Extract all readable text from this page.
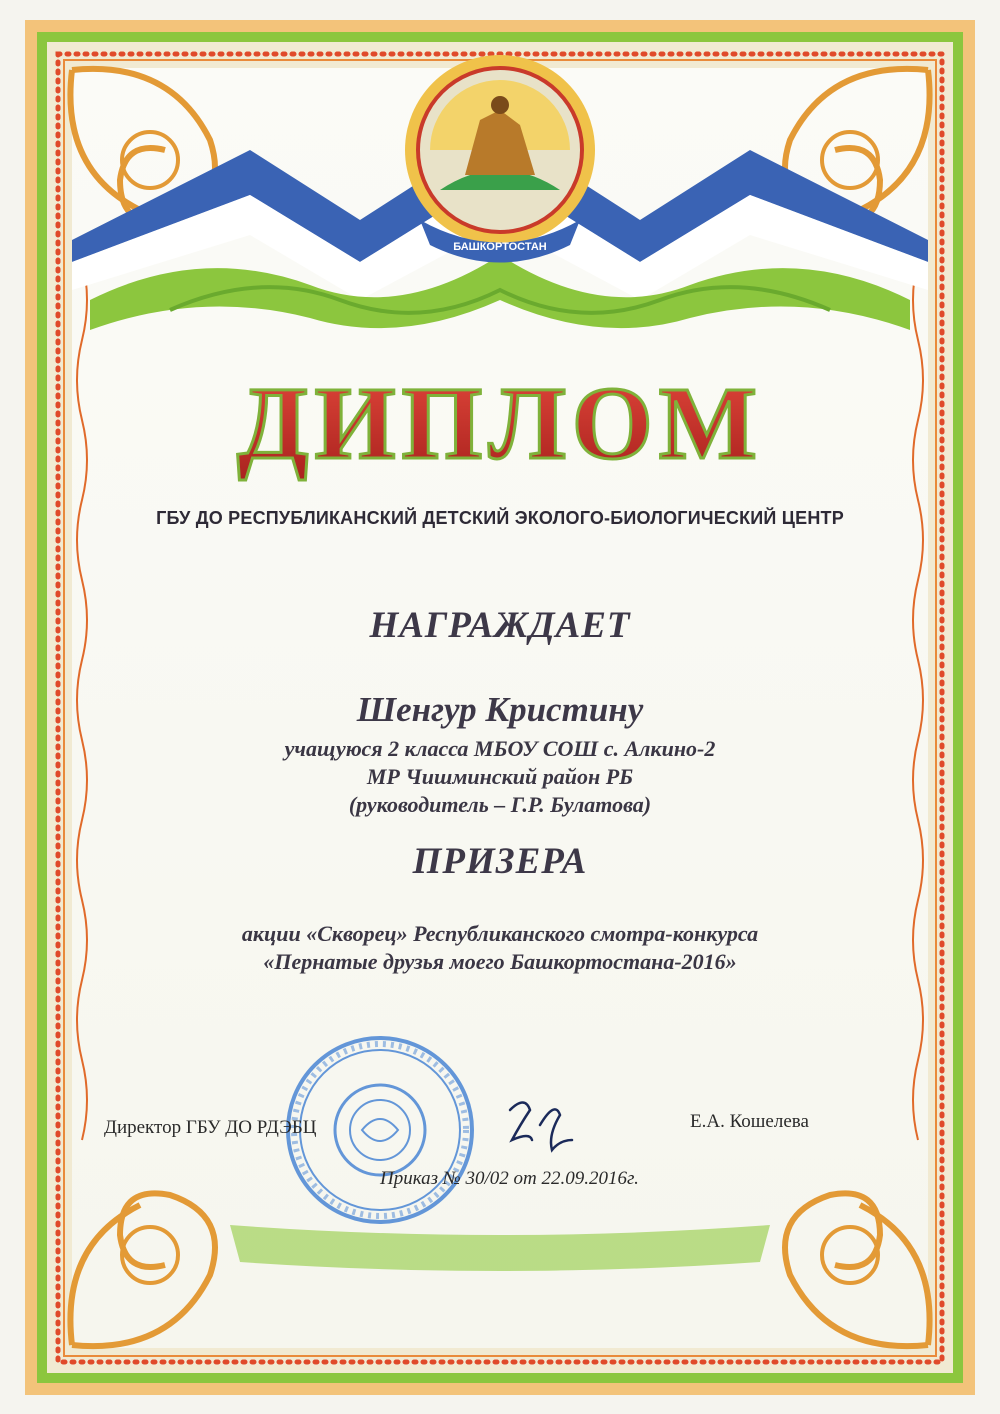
БАШКОРТОСТАН
ДИПЛОМ
ГБУ ДО РЕСПУБЛИКАНСКИЙ ДЕТСКИЙ ЭКОЛОГО-БИОЛОГИЧЕСКИЙ ЦЕНТР
НАГРАЖДАЕТ
Шенгур Кристину
учащуюся 2 класса МБОУ СОШ с. Алкино-2
МР Чишминский район РБ
(руководитель – Г.Р. Булатова)
ПРИЗЕРА
акции «Скворец» Республиканского смотра-конкурса
«Пернатые друзья моего Башкортостана-2016»
Директор ГБУ ДО РДЭБЦ	Е.А. Кошелева
Приказ № 30/02 от 22.09.2016г.
